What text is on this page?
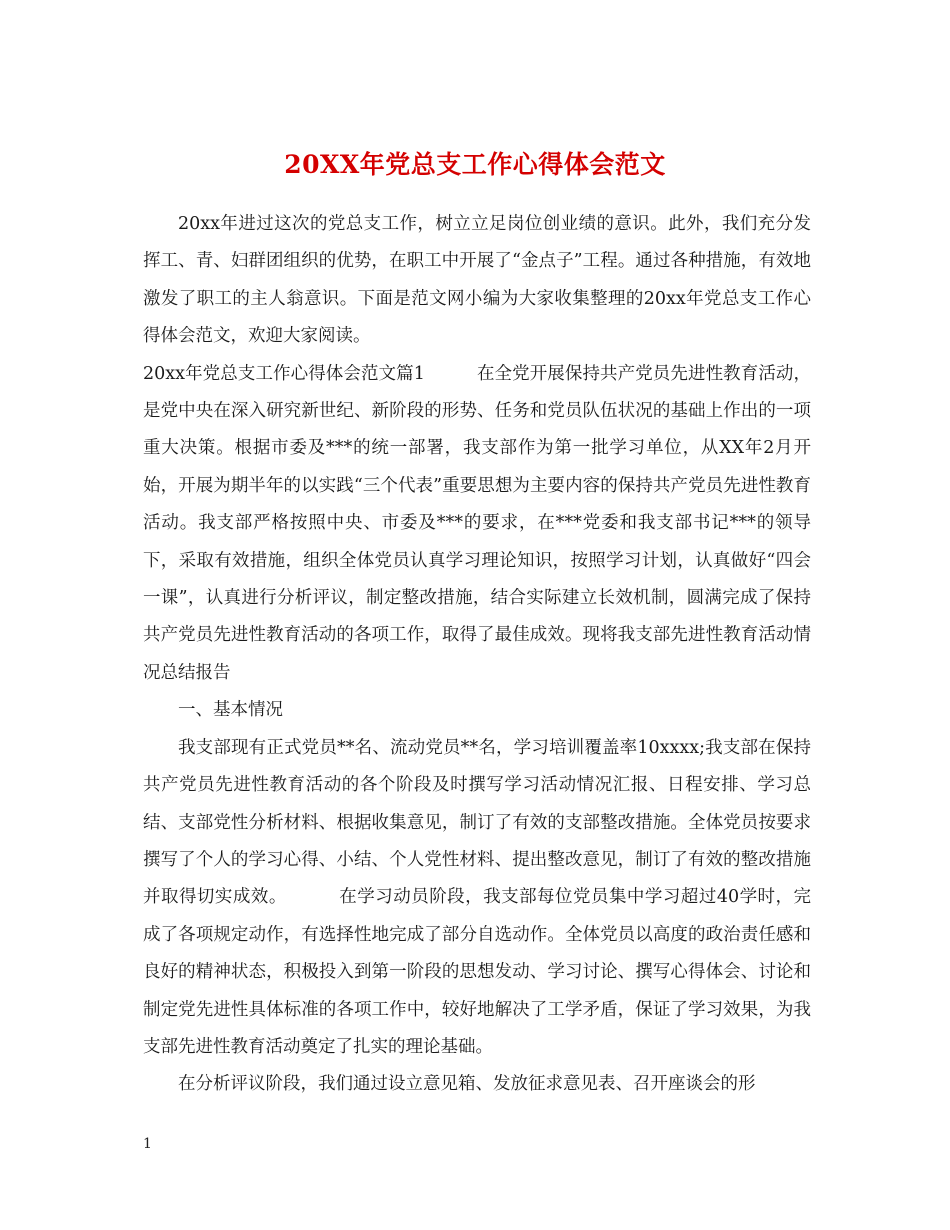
20XX年党总支工作心得体会范文

20xx年进过这次的党总支工作，树立立足岗位创业绩的意识。此外，我们充分发挥工、青、妇群团组织的优势，在职工中开展了“金点子”工程。通过各种措施，有效地激发了职工的主人翁意识。下面是范文网小编为大家收集整理的20xx年党总支工作心得体会范文，欢迎大家阅读。

20xx年党总支工作心得体会范文篇1	在全党开展保持共产党员先进性教育活动，是党中央在深入研究新世纪、新阶段的形势、任务和党员队伍状况的基础上作出的一项重大决策。根据市委及***的统一部署，我支部作为第一批学习单位，从XX年2月开始，开展为期半年的以实践“三个代表”重要思想为主要内容的保持共产党员先进性教育活动。我支部严格按照中央、市委及***的要求，在***党委和我支部书记***的领导下，采取有效措施，组织全体党员认真学习理论知识，按照学习计划，认真做好“四会一课”，认真进行分析评议，制定整改措施，结合实际建立长效机制，圆满完成了保持共产党员先进性教育活动的各项工作，取得了最佳成效。现将我支部先进性教育活动情况总结报告

一、基本情况

我支部现有正式党员**名、流动党员**名，学习培训覆盖率10xxxx;我支部在保持共产党员先进性教育活动的各个阶段及时撰写学习活动情况汇报、日程安排、学习总结、支部党性分析材料、根据收集意见，制订了有效的支部整改措施。全体党员按要求撰写了个人的学习心得、小结、个人党性材料、提出整改意见，制订了有效的整改措施并取得切实成效。	在学习动员阶段，我支部每位党员集中学习超过40学时，完成了各项规定动作，有选择性地完成了部分自选动作。全体党员以高度的政治责任感和良好的精神状态，积极投入到第一阶段的思想发动、学习讨论、撰写心得体会、讨论和制定党先进性具体标准的各项工作中，较好地解决了工学矛盾，保证了学习效果，为我支部先进性教育活动奠定了扎实的理论基础。

在分析评议阶段，我们通过设立意见箱、发放征求意见表、召开座谈会的形

1
